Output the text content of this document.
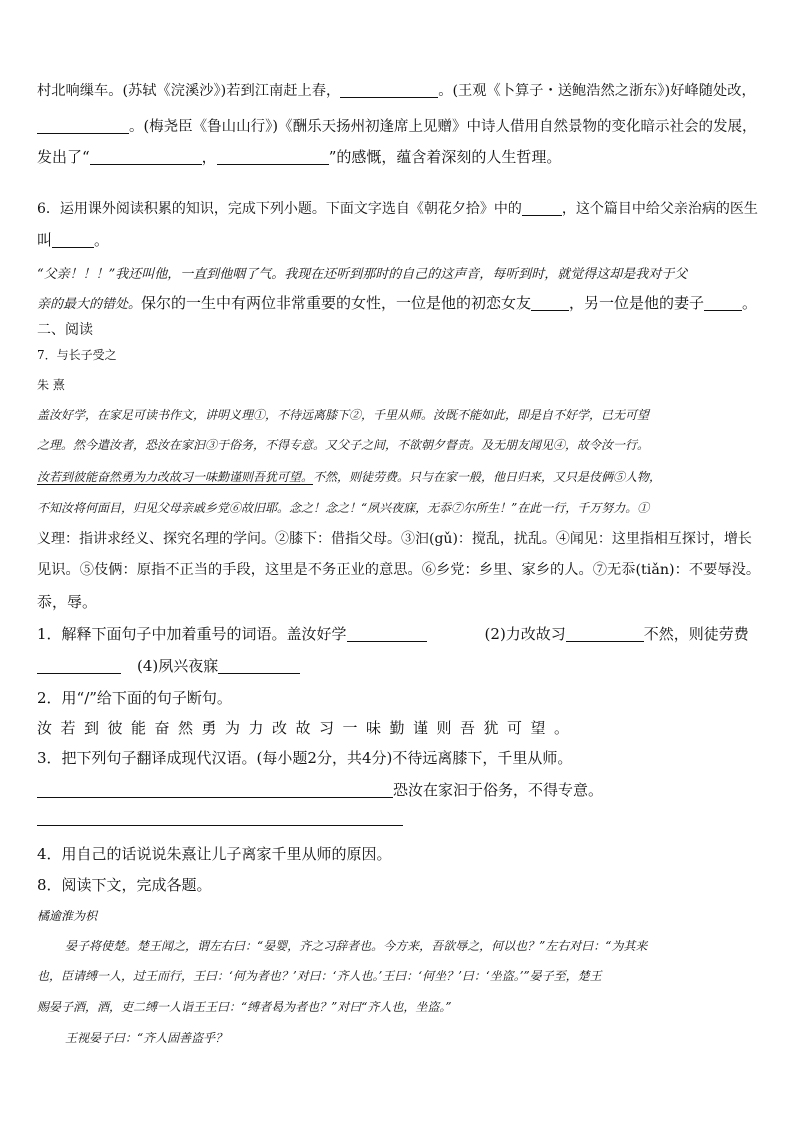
村北响缫车。(苏轼《浣溪沙》)若到江南赶上春，	。(王观《卜算子・送鲍浩然之浙东》)好峰随处改，
。(梅尧臣《鲁山山行》)《酬乐天扬州初逢席上见赠》中诗人借用自然景物的变化暗示社会的发展，
发出了“	，	”的感慨，蕴含着深刻的人生哲理。
6．运用课外阅读积累的知识，完成下列小题。下面文字选自《朝花夕拾》中的	，这个篇目中给父亲治病的医生
叫	。
“父亲！！！”我还叫他，一直到他咽了气。我现在还听到那时的自己的这声音，每听到时，就觉得这却是我对于父
亲的最大的错处。保尔的一生中有两位非常重要的女性，一位是他的初恋女友	，另一位是他的妻子	。
二、阅读
7．与长子受之
朱 熹
盖汝好学，在家足可读书作文，讲明义理①，不待远离膝下②，千里从师。汝既不能如此，即是自不好学，已无可望
之理。然今遣汝者，恐汝在家汩③于俗务，不得专意。又父子之间，不欲朝夕督责。及无朋友闻见④，故令汝一行。
汝若到彼能奋然勇为力改故习一味勤谨则吾犹可望。不然，则徒劳费。只与在家一般，他日归来，又只是伎俩⑤人物，
不知汝将何面目，归见父母亲戚乡党⑥故旧耶。念之！念之！“夙兴夜寐，无忝⑦尔所生！”在此一行，千万努力。①
义理：指讲求经义、探究名理的学问。②膝下：借指父母。③汩(gǔ)：搅乱，扰乱。④闻见：这里指相互探讨，增长
见识。⑤伎俩：原指不正当的手段，这里是不务正业的意思。⑥乡党：乡里、家乡的人。⑦无忝(tiǎn)：不要辱没。
忝，辱。
1．解释下面句子中加着重号的词语。盖汝好学	(2)力改故习	不然，则徒劳费
(4)夙兴夜寐
2．用“/”给下面的句子断句。
汝若到彼能奋然勇为力改故习一味勤谨则吾犹可望。
3．把下列句子翻译成现代汉语。(每小题2分，共4分)不待远离膝下，千里从师。
恐汝在家汩于俗务，不得专意。
4．用自己的话说说朱熹让儿子离家千里从师的原因。
8．阅读下文，完成各题。
橘逾淮为枳
晏子将使楚。楚王闻之，谓左右曰：“晏婴，齐之习辞者也。今方来，吾欲辱之，何以也？”左右对曰：“为其来
也，臣请缚一人，过王而行，王曰：‘何为者也？’对曰：‘齐人也。’王曰：‘何坐？’曰：‘坐盗。’”晏子至，楚王
赐晏子酒，酒，吏二缚一人诣王王曰：“缚者曷为者也？”对曰“齐人也，坐盗。”
王视晏子曰：“齐人固善盗乎？
